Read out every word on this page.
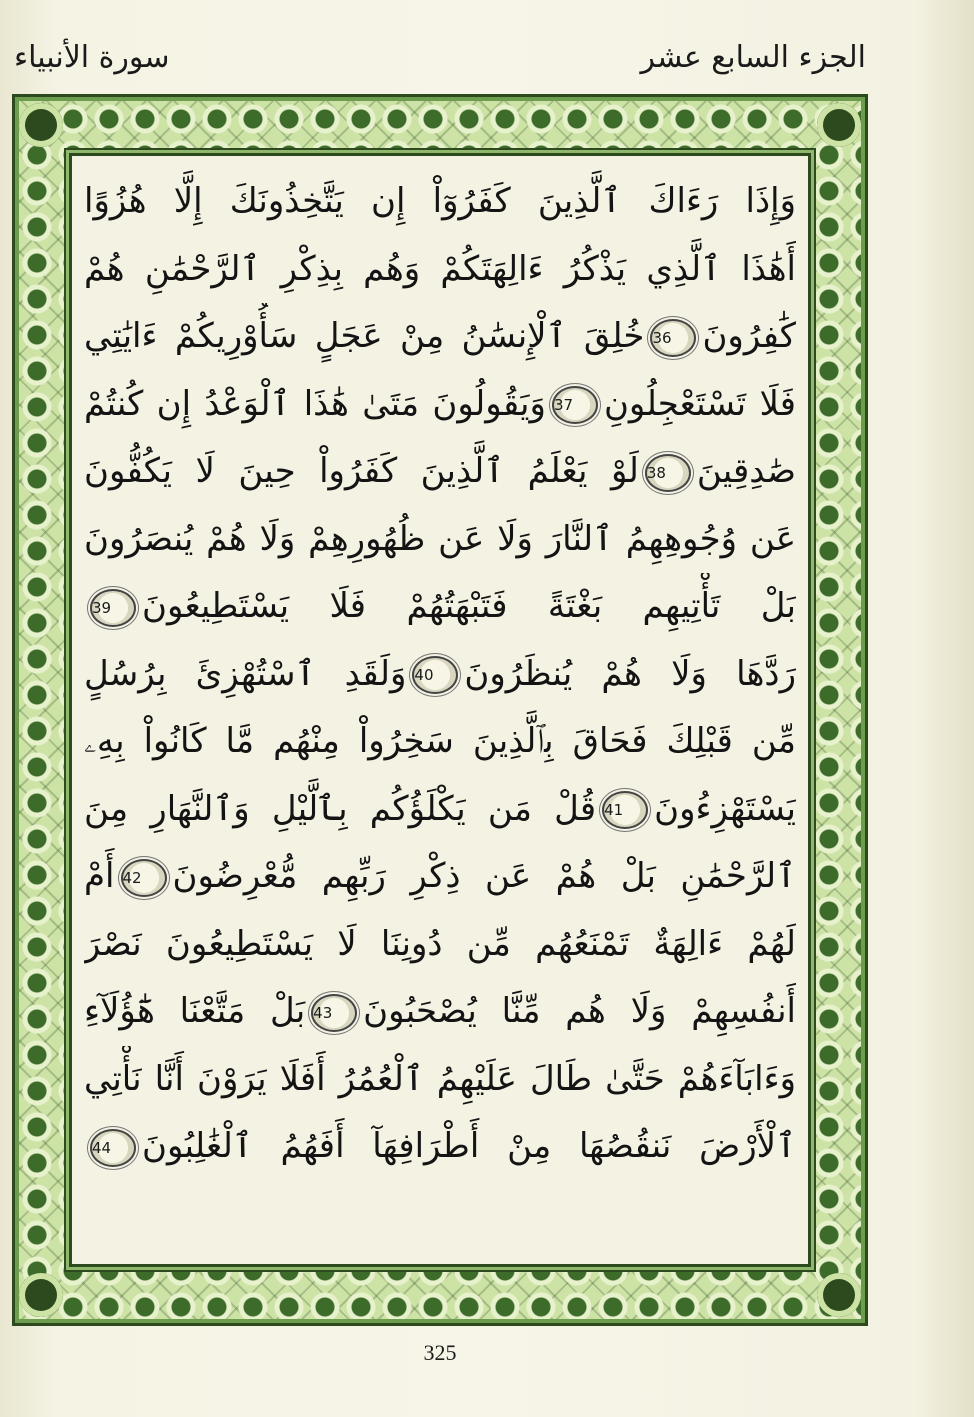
الجزء السابع عشر
سورة الأنبياء
وَإِذَا رَءَاكَ ٱلَّذِينَ كَفَرُوٓاْ إِن يَتَّخِذُونَكَ إِلَّا هُزُوًا
أَهَٰذَا ٱلَّذِي يَذْكُرُ ءَالِهَتَكُمْ وَهُم بِذِكْرِ ٱلرَّحْمَٰنِ هُمْ
كَٰفِرُونَ36خُلِقَ ٱلْإِنسَٰنُ مِنْ عَجَلٍ سَأُوْرِيكُمْ ءَايَٰتِي
فَلَا تَسْتَعْجِلُونِ37وَيَقُولُونَ مَتَىٰ هَٰذَا ٱلْوَعْدُ إِن كُنتُمْ
صَٰدِقِينَ38لَوْ يَعْلَمُ ٱلَّذِينَ كَفَرُواْ حِينَ لَا يَكُفُّونَ
عَن وُجُوهِهِمُ ٱلنَّارَ وَلَا عَن ظُهُورِهِمْ وَلَا هُمْ يُنصَرُونَ
بَلْ تَأْتِيهِم بَغْتَةً فَتَبْهَتُهُمْ فَلَا يَسْتَطِيعُونَ39
رَدَّهَا وَلَا هُمْ يُنظَرُونَ40وَلَقَدِ ٱسْتُهْزِئَ بِرُسُلٍ
مِّن قَبْلِكَ فَحَاقَ بِٱلَّذِينَ سَخِرُواْ مِنْهُم مَّا كَانُواْ بِهِۦ
يَسْتَهْزِءُونَ41قُلْ مَن يَكْلَؤُكُم بِٱلَّيْلِ وَٱلنَّهَارِ مِنَ
ٱلرَّحْمَٰنِ بَلْ هُمْ عَن ذِكْرِ رَبِّهِم مُّعْرِضُونَ42أَمْ
لَهُمْ ءَالِهَةٌ تَمْنَعُهُم مِّن دُونِنَا لَا يَسْتَطِيعُونَ نَصْرَ
أَنفُسِهِمْ وَلَا هُم مِّنَّا يُصْحَبُونَ43بَلْ مَتَّعْنَا هَٰٓؤُلَآءِ
وَءَابَآءَهُمْ حَتَّىٰ طَالَ عَلَيْهِمُ ٱلْعُمُرُ أَفَلَا يَرَوْنَ أَنَّا نَأْتِي
ٱلْأَرْضَ نَنقُصُهَا مِنْ أَطْرَافِهَآ أَفَهُمُ ٱلْغَٰلِبُونَ44
325
